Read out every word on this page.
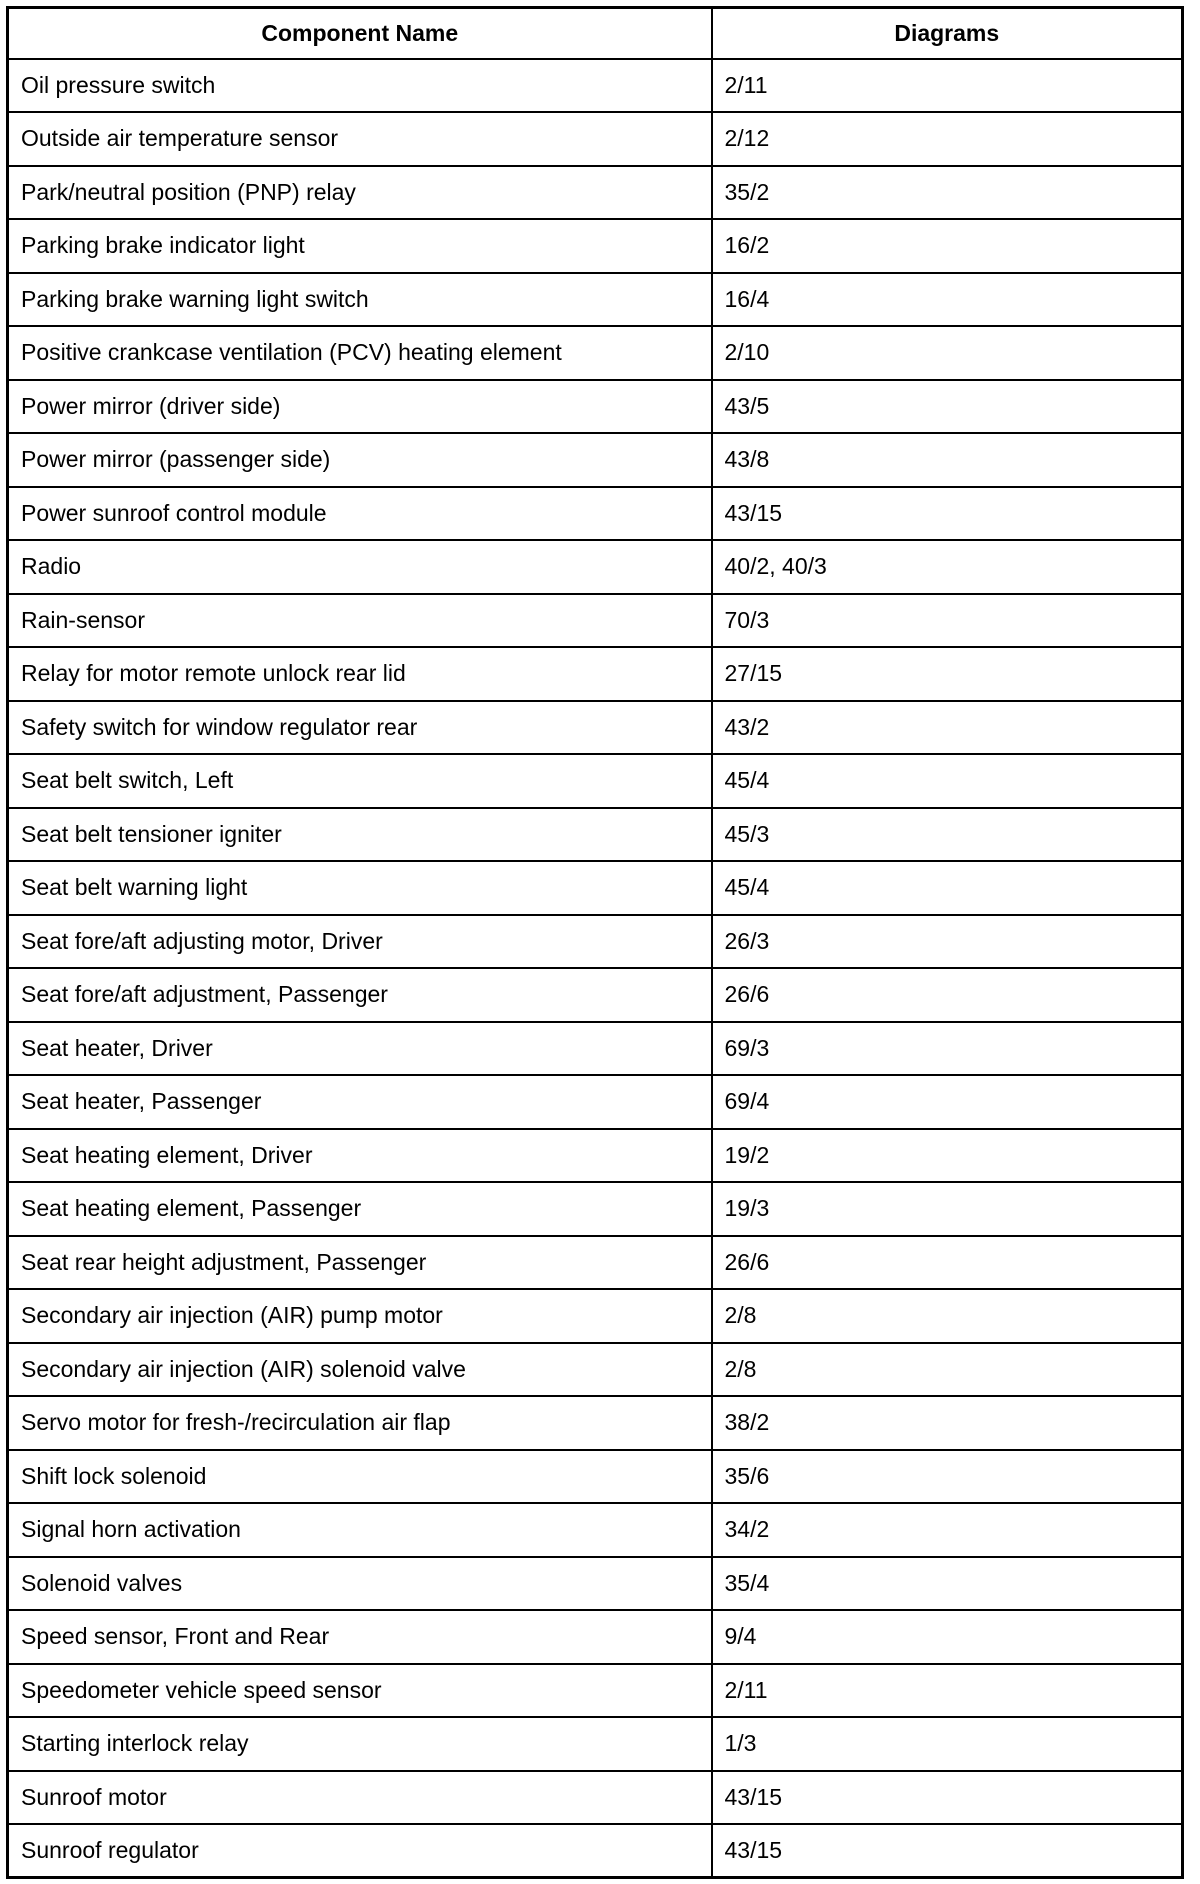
Component Name	Diagrams
Oil pressure switch	2/11
Outside air temperature sensor	2/12
Park/neutral position (PNP) relay	35/2
Parking brake indicator light	16/2
Parking brake warning light switch	16/4
Positive crankcase ventilation (PCV) heating element	2/10
Power mirror (driver side)	43/5
Power mirror (passenger side)	43/8
Power sunroof control module	43/15
Radio	40/2, 40/3
Rain-sensor	70/3
Relay for motor remote unlock rear lid	27/15
Safety switch for window regulator rear	43/2
Seat belt switch, Left	45/4
Seat belt tensioner igniter	45/3
Seat belt warning light	45/4
Seat fore/aft adjusting motor, Driver	26/3
Seat fore/aft adjustment, Passenger	26/6
Seat heater, Driver	69/3
Seat heater, Passenger	69/4
Seat heating element, Driver	19/2
Seat heating element, Passenger	19/3
Seat rear height adjustment, Passenger	26/6
Secondary air injection (AIR) pump motor	2/8
Secondary air injection (AIR) solenoid valve	2/8
Servo motor for fresh-/recirculation air flap	38/2
Shift lock solenoid	35/6
Signal horn activation	34/2
Solenoid valves	35/4
Speed sensor, Front and Rear	9/4
Speedometer vehicle speed sensor	2/11
Starting interlock relay	1/3
Sunroof motor	43/15
Sunroof regulator	43/15
